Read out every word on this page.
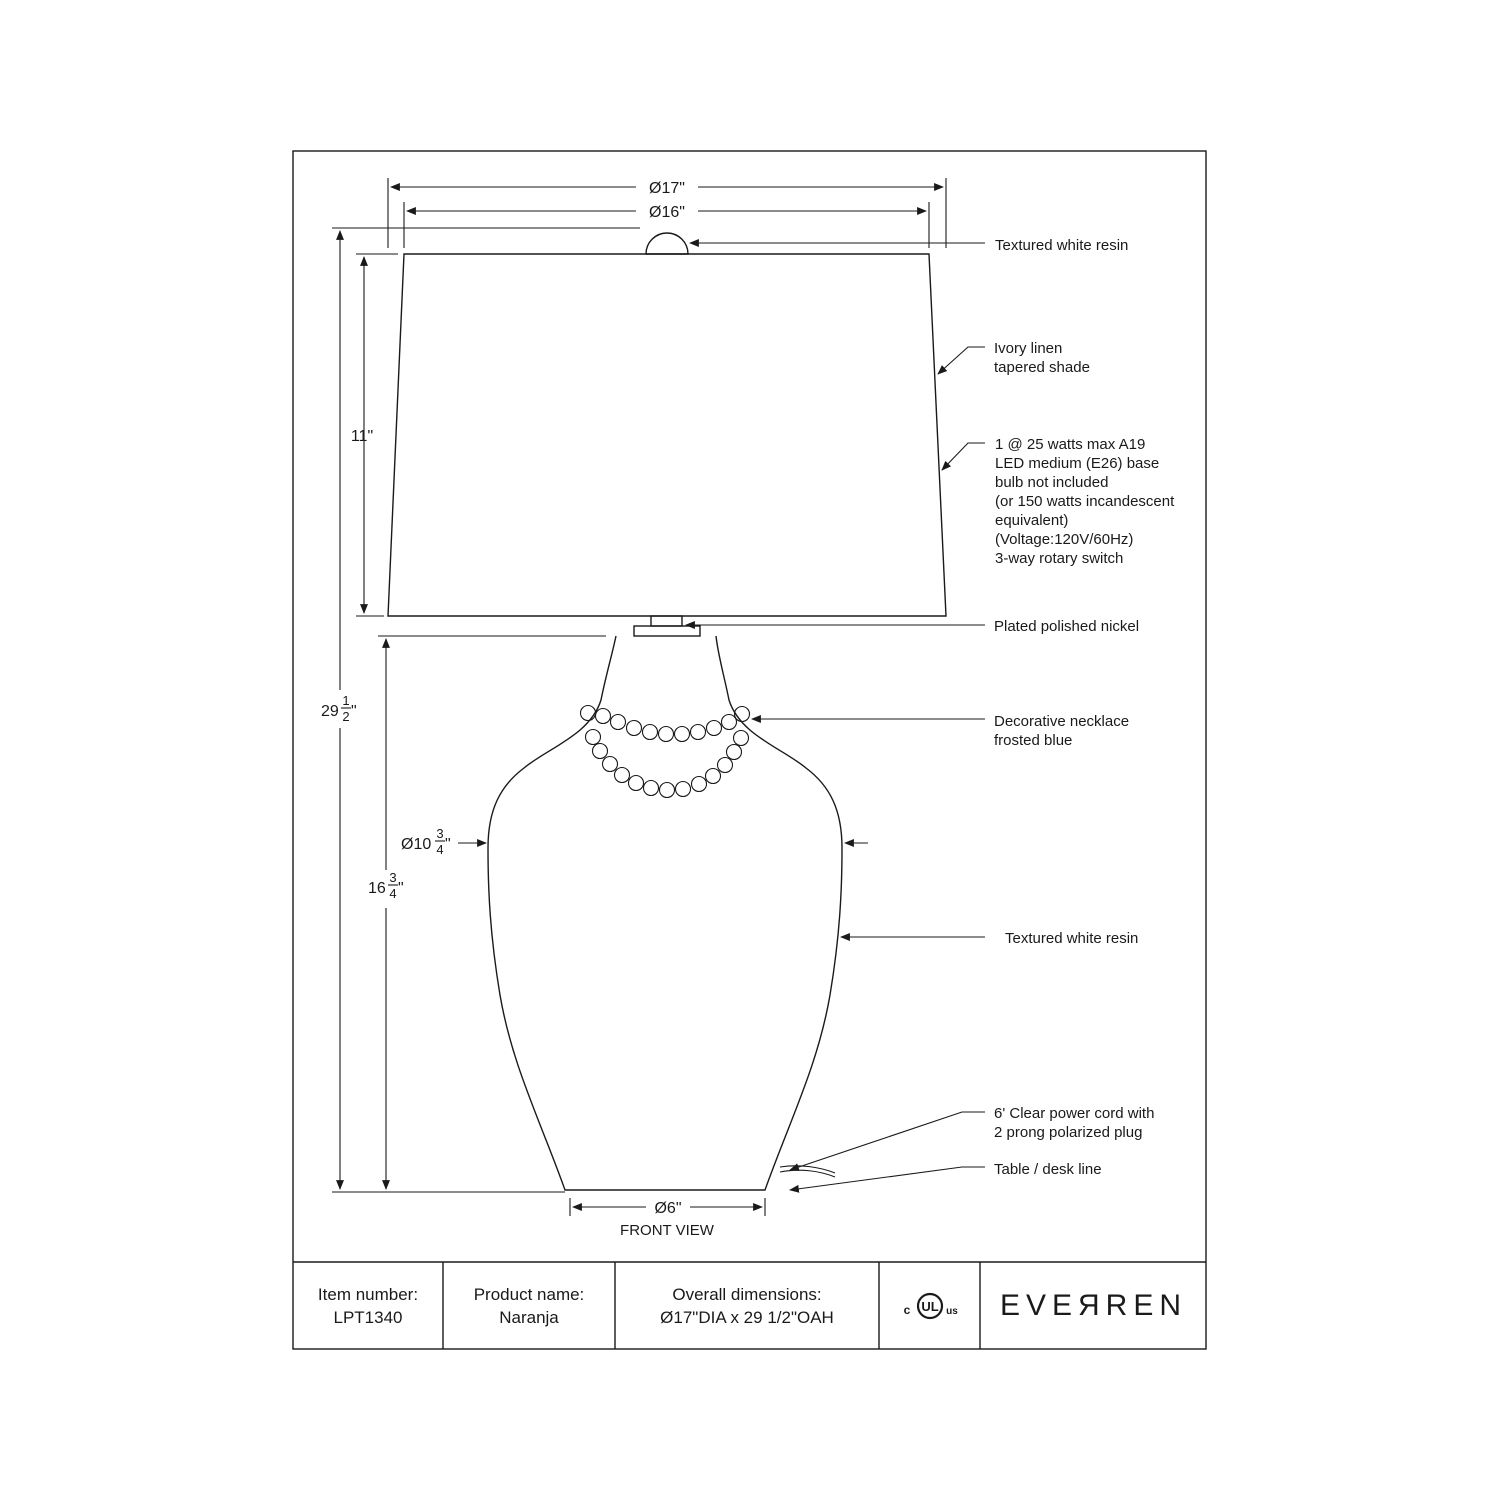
Ø17"
Ø16"
11"
29
1
2 "
16
3
4 "
Ø10
3
4 "
Ø6"
FRONT VIEW
Textured white resin
Ivory linen tapered shade
1 @ 25 watts max A19 LED medium (E26) base bulb not included (or 150 watts incandescent equivalent) (Voltage:120V/60Hz) 3-way rotary switch
Plated polished nickel
Decorative necklace frosted blue
Textured white resin
6' Clear power cord with 2 prong polarized plug
Table / desk line
Item number:
LPT1340
Product name:
Naranja
Overall dimensions:
Ø17"DIA x 29 1/2"OAH	c UL us EVEЯREN
